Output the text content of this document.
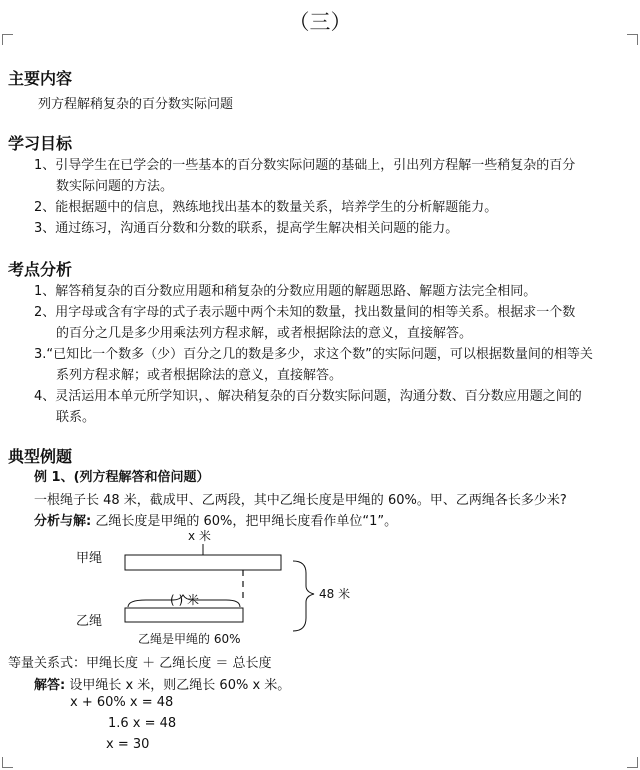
（三）
主要内容
列方程解稍复杂的百分数实际问题
学习目标
1、引导学生在已学会的一些基本的百分数实际问题的基础上，引出列方程解一些稍复杂的百分
数实际问题的方法。
2、能根据题中的信息，熟练地找出基本的数量关系，培养学生的分析解题能力。
3、通过练习，沟通百分数和分数的联系，提高学生解决相关问题的能力。
考点分析
1、解答稍复杂的百分数应用题和稍复杂的分数应用题的解题思路、解题方法完全相同。
2、用字母或含有字母的式子表示题中两个未知的数量，找出数量间的相等关系。根据求一个数
的百分之几是多少用乘法列方程求解，或者根据除法的意义，直接解答。
3.“已知比一个数多（少）百分之几的数是多少，求这个数”的实际问题，可以根据数量间的相等关
系列方程求解；或者根据除法的意义，直接解答。
4、灵活运用本单元所学知识，、解决稍复杂的百分数实际问题，沟通分数、百分数应用题之间的
联系。
典型例题
例 1、(列方程解答和倍问题）
一根绳子长 48 米，截成甲、乙两段，其中乙绳长度是甲绳的 60%。甲、乙两绳各长多少米?
分析与解: 乙绳长度是甲绳的 60%，把甲绳长度看作单位“1”。
x 米
甲绳
48 米
( ) 米
乙绳
乙绳是甲绳的 60%
等量关系式：甲绳长度 ＋ 乙绳长度 ＝ 总长度
解答: 设甲绳长 x 米，则乙绳长 60% x 米。
x + 60% x = 48
1.6 x = 48
x = 30
